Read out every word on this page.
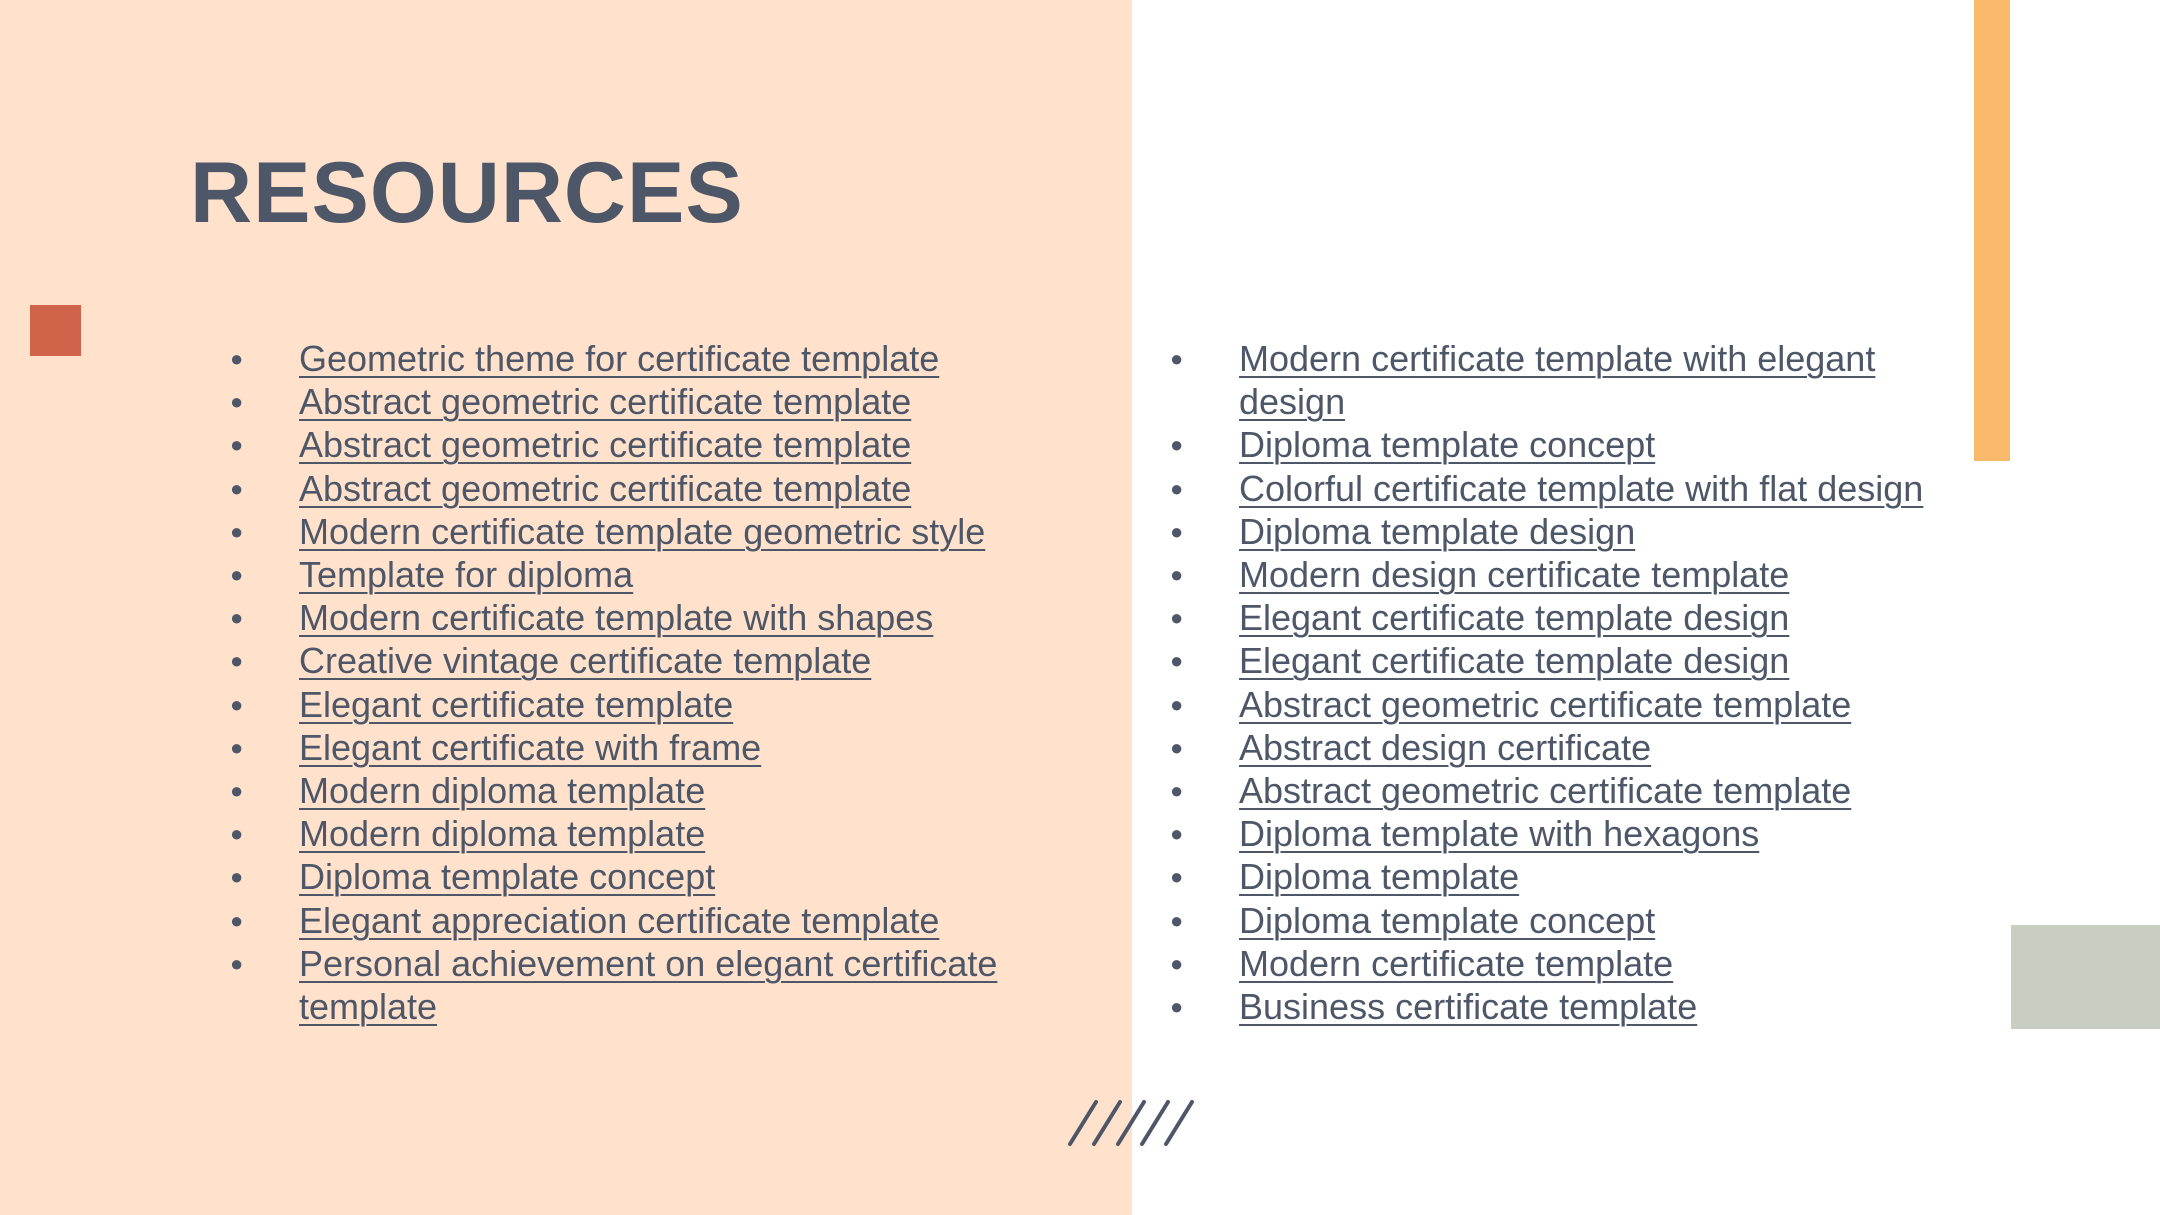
RESOURCES
● Geometric theme for certificate template
● Abstract geometric certificate template
● Abstract geometric certificate template
● Abstract geometric certificate template
● Modern certificate template geometric style
● Template for diploma
● Modern certificate template with shapes
● Creative vintage certificate template
● Elegant certificate template
● Elegant certificate with frame
● Modern diploma template
● Modern diploma template
● Diploma template concept
● Elegant appreciation certificate template
● Personal achievement on elegant certificate template
● Modern certificate template with elegant design
● Diploma template concept
● Colorful certificate template with flat design
● Diploma template design
● Modern design certificate template
● Elegant certificate template design
● Elegant certificate template design
● Abstract geometric certificate template
● Abstract design certificate
● Abstract geometric certificate template
● Diploma template with hexagons
● Diploma template
● Diploma template concept
● Modern certificate template
● Business certificate template
